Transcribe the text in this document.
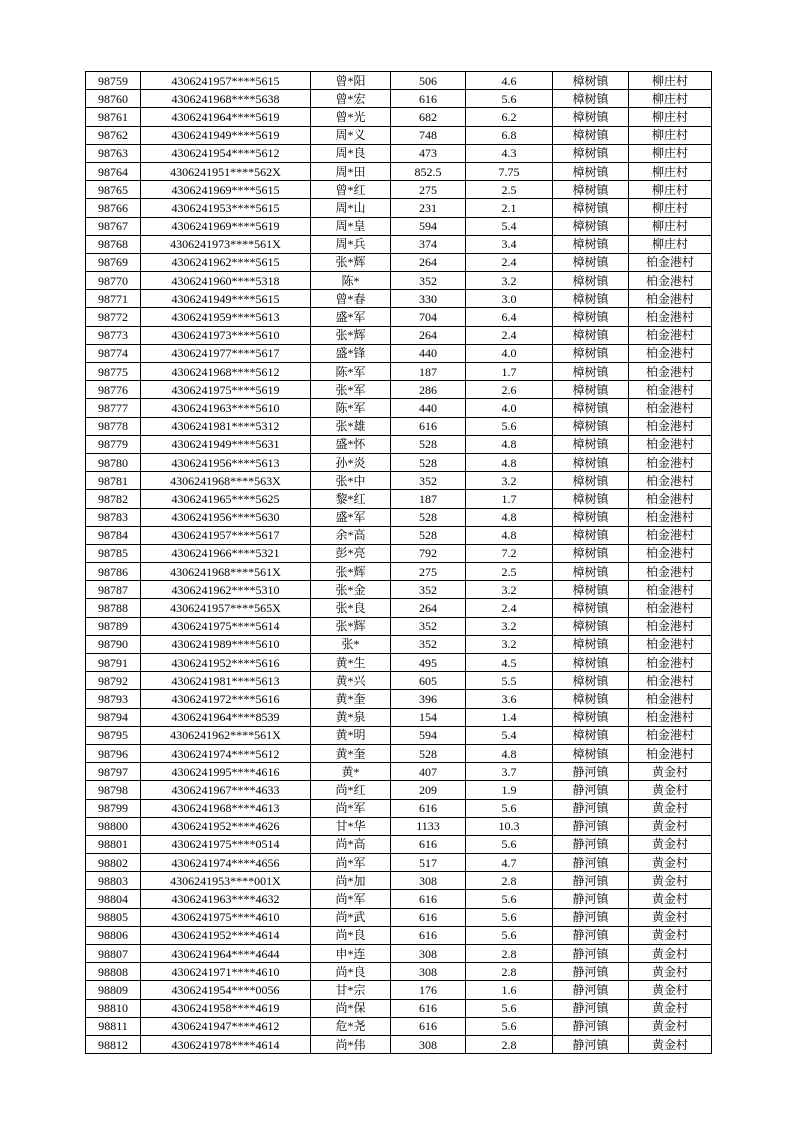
98759	4306241957****5615	曾*阳	506	4.6	樟树镇	柳庄村
98760	4306241968****5638	曾*宏	616	5.6	樟树镇	柳庄村
98761	4306241964****5619	曾*光	682	6.2	樟树镇	柳庄村
98762	4306241949****5619	周*义	748	6.8	樟树镇	柳庄村
98763	4306241954****5612	周*良	473	4.3	樟树镇	柳庄村
98764	4306241951****562X	周*田	852.5	7.75	樟树镇	柳庄村
98765	4306241969****5615	曾*红	275	2.5	樟树镇	柳庄村
98766	4306241953****5615	周*山	231	2.1	樟树镇	柳庄村
98767	4306241969****5619	周*皇	594	5.4	樟树镇	柳庄村
98768	4306241973****561X	周*兵	374	3.4	樟树镇	柳庄村
98769	4306241962****5615	张*辉	264	2.4	樟树镇	柏金港村
98770	4306241960****5318	陈*	352	3.2	樟树镇	柏金港村
98771	4306241949****5615	曾*春	330	3.0	樟树镇	柏金港村
98772	4306241959****5613	盛*军	704	6.4	樟树镇	柏金港村
98773	4306241973****5610	张*辉	264	2.4	樟树镇	柏金港村
98774	4306241977****5617	盛*锋	440	4.0	樟树镇	柏金港村
98775	4306241968****5612	陈*军	187	1.7	樟树镇	柏金港村
98776	4306241975****5619	张*军	286	2.6	樟树镇	柏金港村
98777	4306241963****5610	陈*军	440	4.0	樟树镇	柏金港村
98778	4306241981****5312	张*雄	616	5.6	樟树镇	柏金港村
98779	4306241949****5631	盛*怀	528	4.8	樟树镇	柏金港村
98780	4306241956****5613	孙*炎	528	4.8	樟树镇	柏金港村
98781	4306241968****563X	张*中	352	3.2	樟树镇	柏金港村
98782	4306241965****5625	黎*红	187	1.7	樟树镇	柏金港村
98783	4306241956****5630	盛*军	528	4.8	樟树镇	柏金港村
98784	4306241957****5617	余*高	528	4.8	樟树镇	柏金港村
98785	4306241966****5321	彭*亮	792	7.2	樟树镇	柏金港村
98786	4306241968****561X	张*辉	275	2.5	樟树镇	柏金港村
98787	4306241962****5310	张*金	352	3.2	樟树镇	柏金港村
98788	4306241957****565X	张*良	264	2.4	樟树镇	柏金港村
98789	4306241975****5614	张*辉	352	3.2	樟树镇	柏金港村
98790	4306241989****5610	张*	352	3.2	樟树镇	柏金港村
98791	4306241952****5616	黄*生	495	4.5	樟树镇	柏金港村
98792	4306241981****5613	黄*兴	605	5.5	樟树镇	柏金港村
98793	4306241972****5616	黄*奎	396	3.6	樟树镇	柏金港村
98794	4306241964****8539	黄*泉	154	1.4	樟树镇	柏金港村
98795	4306241962****561X	黄*明	594	5.4	樟树镇	柏金港村
98796	4306241974****5612	黄*奎	528	4.8	樟树镇	柏金港村
98797	4306241995****4616	黄*	407	3.7	静河镇	黄金村
98798	4306241967****4633	尚*红	209	1.9	静河镇	黄金村
98799	4306241968****4613	尚*军	616	5.6	静河镇	黄金村
98800	4306241952****4626	甘*华	1133	10.3	静河镇	黄金村
98801	4306241975****0514	尚*高	616	5.6	静河镇	黄金村
98802	4306241974****4656	尚*军	517	4.7	静河镇	黄金村
98803	4306241953****001X	尚*加	308	2.8	静河镇	黄金村
98804	4306241963****4632	尚*军	616	5.6	静河镇	黄金村
98805	4306241975****4610	尚*武	616	5.6	静河镇	黄金村
98806	4306241952****4614	尚*良	616	5.6	静河镇	黄金村
98807	4306241964****4644	申*连	308	2.8	静河镇	黄金村
98808	4306241971****4610	尚*良	308	2.8	静河镇	黄金村
98809	4306241954****0056	甘*宗	176	1.6	静河镇	黄金村
98810	4306241958****4619	尚*保	616	5.6	静河镇	黄金村
98811	4306241947****4612	危*尧	616	5.6	静河镇	黄金村
98812	4306241978****4614	尚*伟	308	2.8	静河镇	黄金村
